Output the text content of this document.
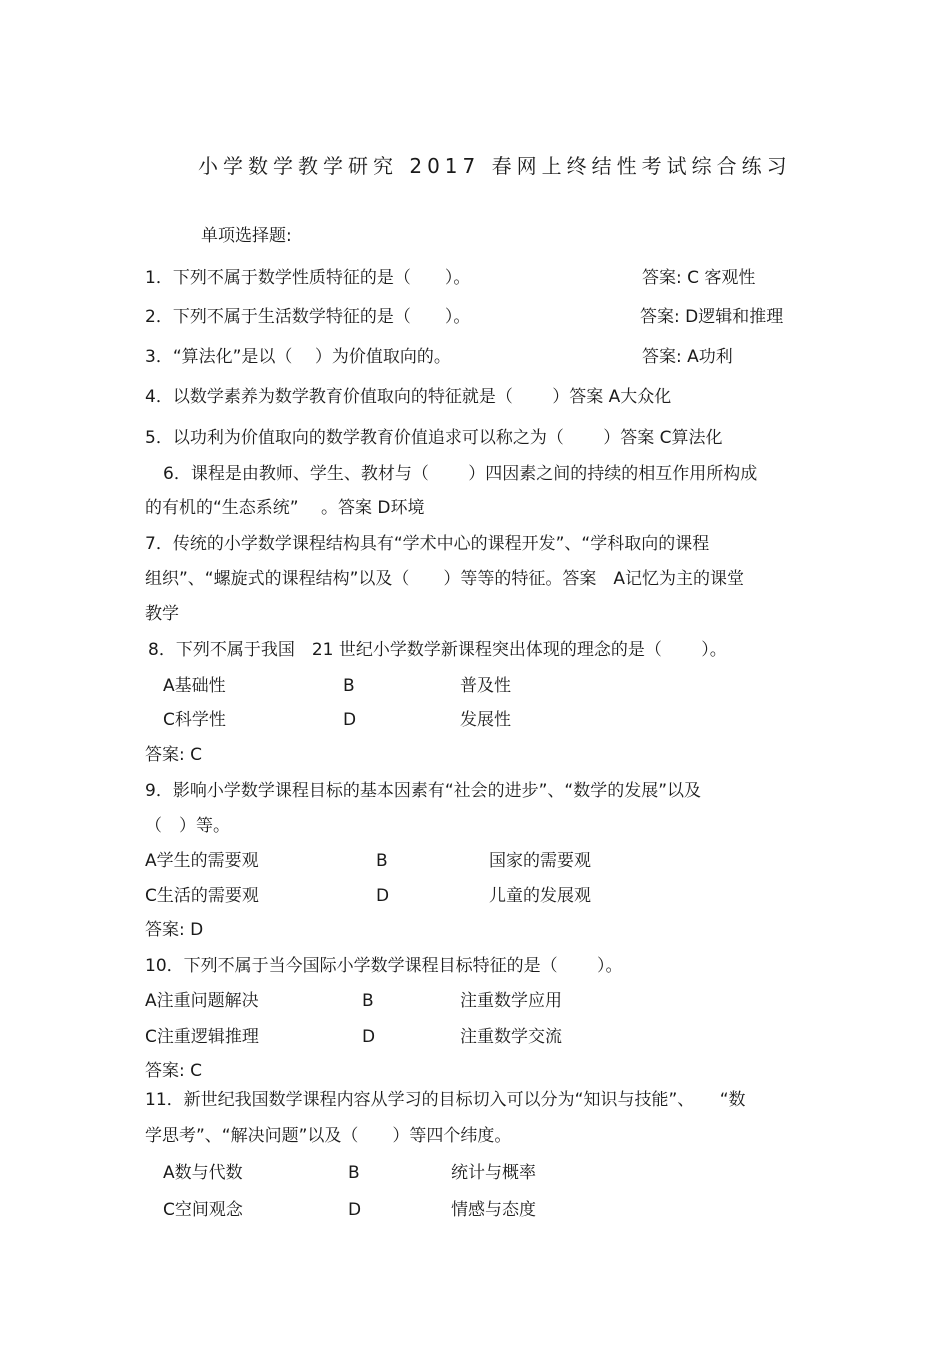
小学数学教学研究 2017 春网上终结性考试综合练习
单项选择题:
1．下列不属于数学性质特征的是（　　）。	答案: C 客观性
2．下列不属于生活数学特征的是（　　）。	答案: D逻辑和推理
3．“算法化”是以（　 ）为价值取向的。	答案: A功利
4．以数学素养为数学教育价值取向的特征就是（　　 ）答案 A大众化
5．以功利为价值取向的数学教育价值追求可以称之为（　　 ）答案 C算法化
6．课程是由教师、学生、教材与（　　 ）四因素之间的持续的相互作用所构成
的有机的“生态系统”　 。答案 D环境
7．传统的小学数学课程结构具有“学术中心的课程开发”、“学科取向的课程
组织”、“螺旋式的课程结构”以及（　　）等等的特征。答案　A记忆为主的课堂
教学
8．下列不属于我国　21 世纪小学数学新课程突出体现的理念的是（　　 ）。
A基础性	B	普及性
C科学性	D	发展性
答案: C
9．影响小学数学课程目标的基本因素有“社会的进步”、“数学的发展”以及
（　）等。
A学生的需要观	B	国家的需要观
C生活的需要观	D	儿童的发展观
答案: D
10．下列不属于当今国际小学数学课程目标特征的是（　　 ）。
A注重问题解决	B	注重数学应用
C注重逻辑推理	D	注重数学交流
答案: C
11．新世纪我国数学课程内容从学习的目标切入可以分为“知识与技能”、　　“数
学思考”、“解决问题”以及（　　）等四个纬度。
A数与代数	B	统计与概率
C空间观念	D	情感与态度
